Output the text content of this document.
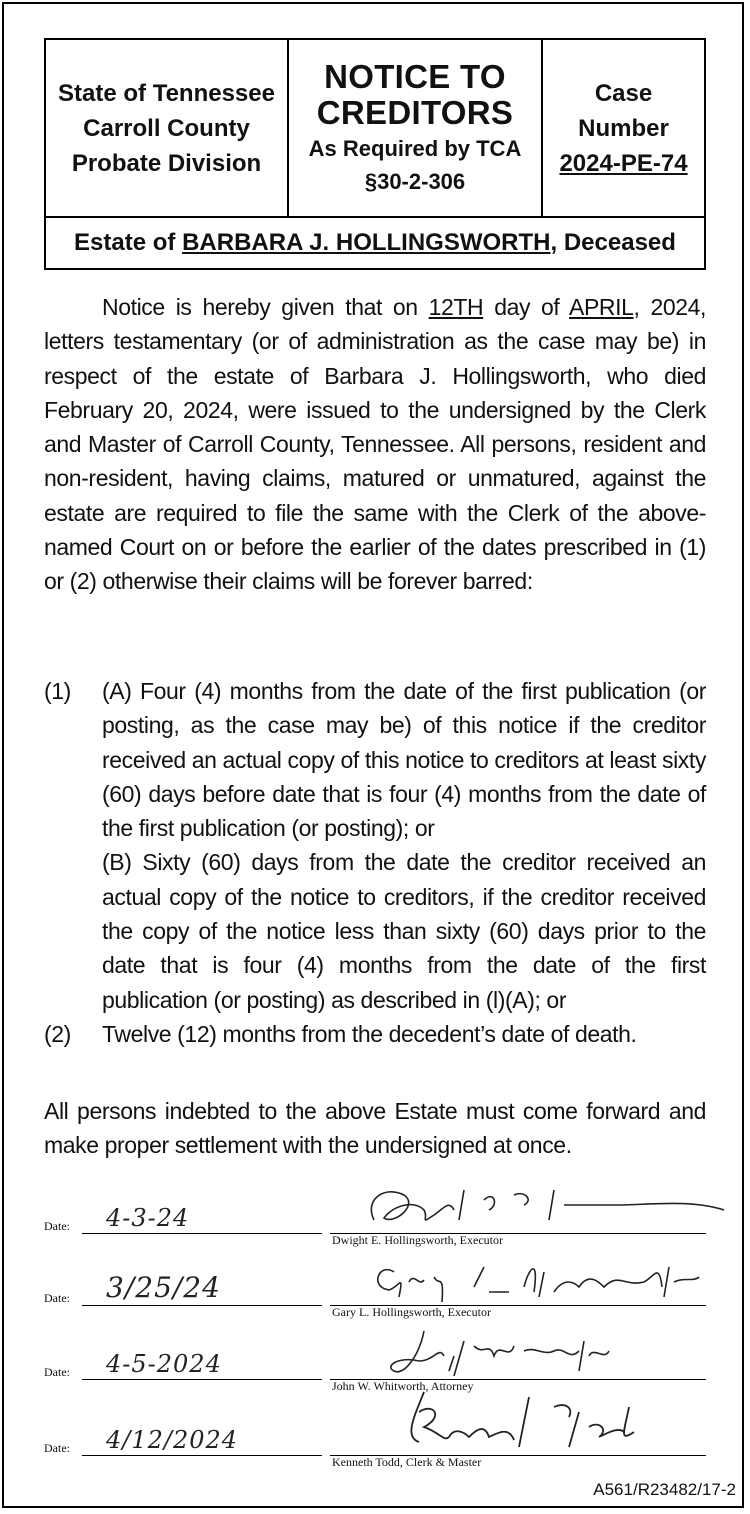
State of Tennessee
Carroll County
Probate Division
NOTICE TO
CREDITORS
As Required by TCA
§30-2-306
Case
Number
2024-PE-74
Estate of BARBARA J. HOLLINGSWORTH , Deceased
Notice is hereby given that on 12TH day of APRIL, 2024, letters testamentary (or of administration as the case may be) in respect of the estate of Barbara J. Hollingsworth, who died February 20, 2024, were issued to the undersigned by the Clerk and Master of Carroll County, Tennessee. All persons, resident and non-resident, having claims, matured or unmatured, against the estate are required to file the same with the Clerk of the above-named Court on or before the earlier of the dates prescribed in (1) or (2) otherwise their claims will be forever barred:
(1) (A) Four (4) months from the date of the first publication (or posting, as the case may be) of this notice if the creditor received an actual copy of this notice to creditors at least sixty (60) days before date that is four (4) months from the date of the first publication (or posting); or
(B) Sixty (60) days from the date the creditor received an actual copy of the notice to creditors, if the creditor received the copy of the notice less than sixty (60) days prior to the date that is four (4) months from the date of the first publication (or posting) as described in (l)(A); or
(2) Twelve (12) months from the decedent’s date of death.
All persons indebted to the above Estate must come forward and make proper settlement with the undersigned at once.
Date: 4-3-24
Dwight E. Hollingsworth, Executor
Date: 3/25/24
Gary L. Hollingsworth, Executor
Date: 4-5-2024
John W. Whitworth, Attorney
Date: 4/12/2024
Kenneth Todd, Clerk & Master
A561/R23482/17-2
